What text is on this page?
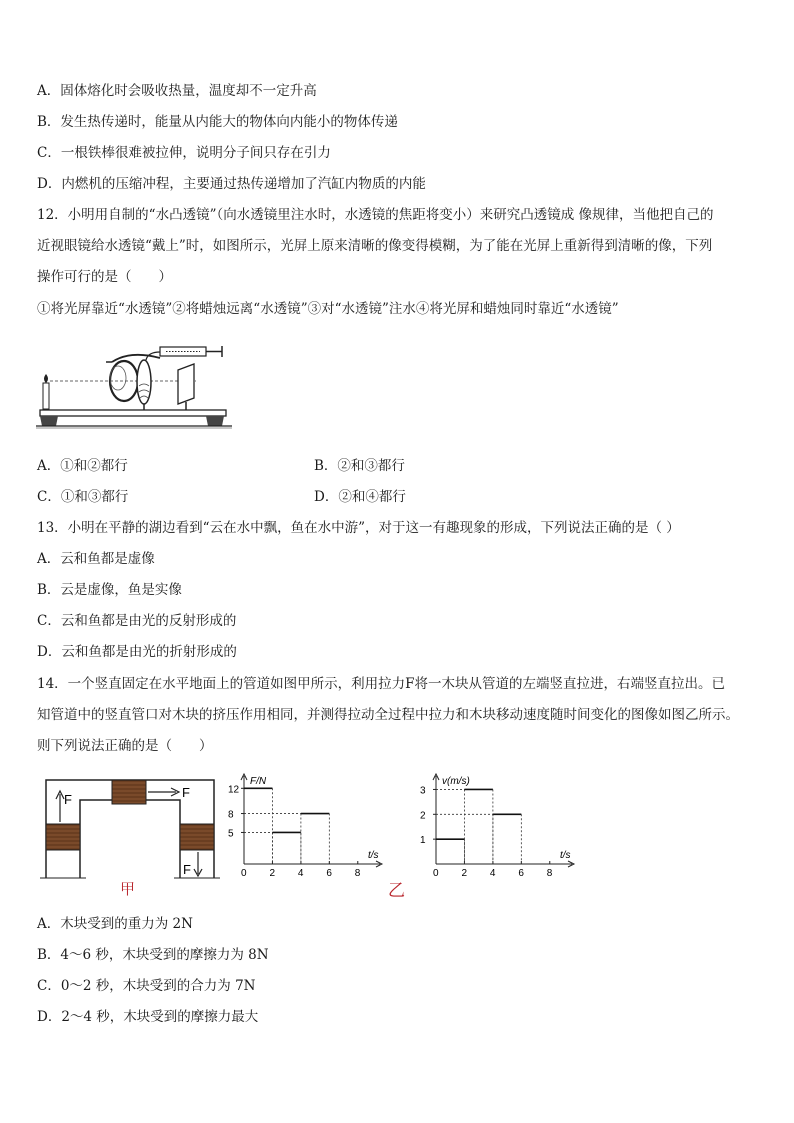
A．固体熔化时会吸收热量，温度却不一定升高
B．发生热传递时，能量从内能大的物体向内能小的物体传递
C．一根铁棒很难被拉伸，说明分子间只存在引力
D．内燃机的压缩冲程，主要通过热传递增加了汽缸内物质的内能
12．小明用自制的“水凸透镜”（向水透镜里注水时，水透镜的焦距将变小）来研究凸透镜成 像规律，当他把自己的
近视眼镜给水透镜“戴上”时，如图所示，光屏上原来清晰的像变得模糊，为了能在光屏上重新得到清晰的像，下列
操作可行的是（　　）
①将光屏靠近“水透镜”②将蜡烛远离“水透镜”③对“水透镜”注水④将光屏和蜡烛同时靠近“水透镜”
A．①和②都行	B．②和③都行
C．①和③都行	D．②和④都行
13．小明在平静的湖边看到“云在水中飘，鱼在水中游”，对于这一有趣现象的形成，下列说法正确的是（ ）
A．云和鱼都是虚像
B．云是虚像，鱼是实像
C．云和鱼都是由光的反射形成的
D．云和鱼都是由光的折射形成的
14．一个竖直固定在水平地面上的管道如图甲所示，利用拉力F将一木块从管道的左端竖直拉进，右端竖直拉出。已
知管道中的竖直管口对木块的挤压作用相同，并测得拉动全过程中拉力和木块移动速度随时间变化的图像如图乙所示。
则下列说法正确的是（　　）
F	F
F
甲
F/N
t/s
0 2 4 6 8
5
8
12
v(m/s)
t/s
0 2 4 6 8
1
2
3
乙
A．木块受到的重力为 2N
B．4～6 秒，木块受到的摩擦力为 8N
C．0～2 秒，木块受到的合力为 7N
D．2～4 秒，木块受到的摩擦力最大
